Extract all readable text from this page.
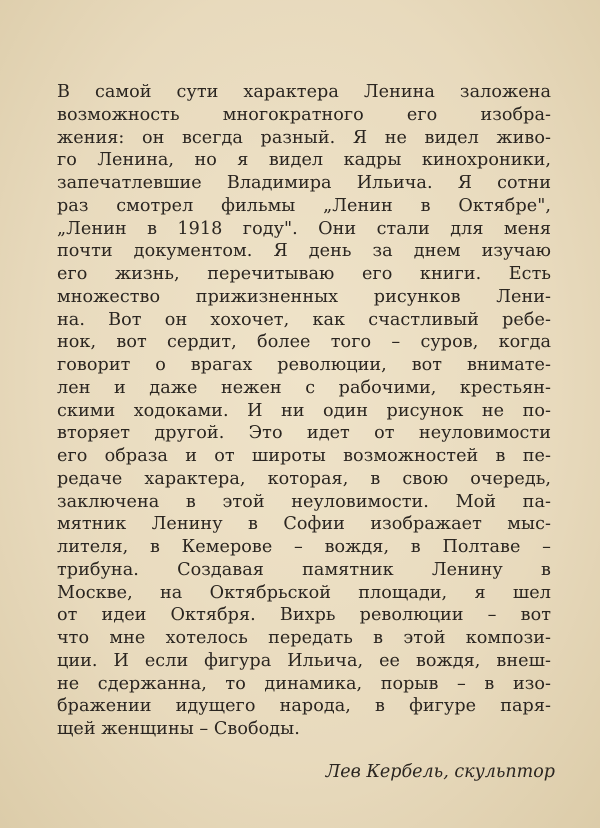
В самой сути характера Ленина заложена
возможность многократного его изобра-
жения: он всегда разный. Я не видел живо-
го Ленина, но я видел кадры кинохроники,
запечатлевшие Владимира Ильича. Я сотни
раз смотрел фильмы „Ленин в Октябре",
„Ленин в 1918 году". Они стали для меня
почти документом. Я день за днем изучаю
его жизнь, перечитываю его книги. Есть
множество прижизненных рисунков Лени-
на. Вот он хохочет, как счастливый ребе-
нок, вот сердит, более того – суров, когда
говорит о врагах революции, вот внимате-
лен и даже нежен с рабочими, крестьян-
скими ходоками. И ни один рисунок не по-
вторяет другой. Это идет от неуловимости
его образа и от широты возможностей в пе-
редаче характера, которая, в свою очередь,
заключена в этой неуловимости. Мой па-
мятник Ленину в Софии изображает мыс-
лителя, в Кемерове – вождя, в Полтаве –
трибуна. Создавая памятник Ленину в
Москве, на Октябрьской площади, я шел
от идеи Октября. Вихрь революции – вот
что мне хотелось передать в этой компози-
ции. И если фигура Ильича, ее вождя, внеш-
не сдержанна, то динамика, порыв – в изо-
бражении идущего народа, в фигуре паря-
щей женщины – Свободы.
Лев Кербель, скульптор
